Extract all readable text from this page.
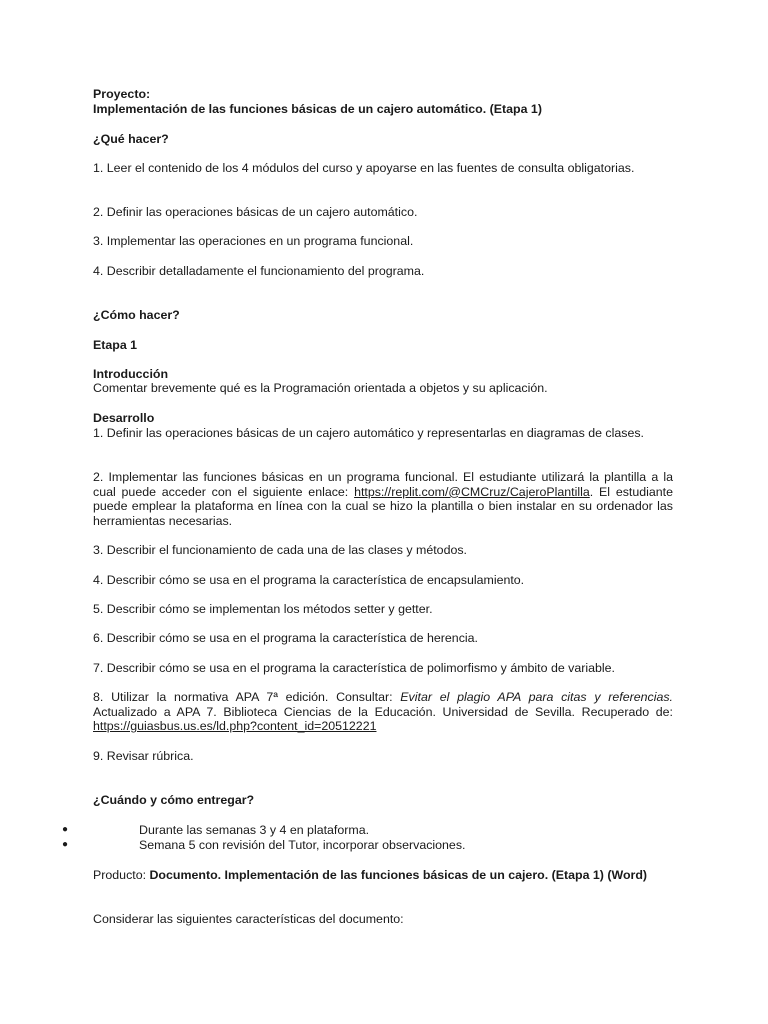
Proyecto:
Implementación de las funciones básicas de un cajero automático. (Etapa 1)
¿Qué hacer?
1. Leer el contenido de los 4 módulos del curso y apoyarse en las fuentes de consulta obligatorias.
2. Definir las operaciones básicas de un cajero automático.
3. Implementar las operaciones en un programa funcional.
4. Describir detalladamente el funcionamiento del programa.
¿Cómo hacer?
Etapa 1
Introducción
Comentar brevemente qué es la Programación orientada a objetos y su aplicación.
Desarrollo
1. Definir las operaciones básicas de un cajero automático y representarlas en diagramas de clases.
2. Implementar las funciones básicas en un programa funcional. El estudiante utilizará la plantilla a la cual puede acceder con el siguiente enlace: https://replit.com/@CMCruz/CajeroPlantilla. El estudiante puede emplear la plataforma en línea con la cual se hizo la plantilla o bien instalar en su ordenador las herramientas necesarias.
3. Describir el funcionamiento de cada una de las clases y métodos.
4. Describir cómo se usa en el programa la característica de encapsulamiento.
5. Describir cómo se implementan los métodos setter y getter.
6. Describir cómo se usa en el programa la característica de herencia.
7. Describir cómo se usa en el programa la característica de polimorfismo y ámbito de variable.
8. Utilizar la normativa APA 7ª edición. Consultar: Evitar el plagio APA para citas y referencias. Actualizado a APA 7. Biblioteca Ciencias de la Educación. Universidad de Sevilla. Recuperado de: https://guiasbus.us.es/ld.php?content_id=20512221
9. Revisar rúbrica.
¿Cuándo y cómo entregar?
●	Durante las semanas 3 y 4 en plataforma.
●	Semana 5 con revisión del Tutor, incorporar observaciones.
Producto: Documento. Implementación de las funciones básicas de un cajero. (Etapa 1) (Word)
Considerar las siguientes características del documento:
